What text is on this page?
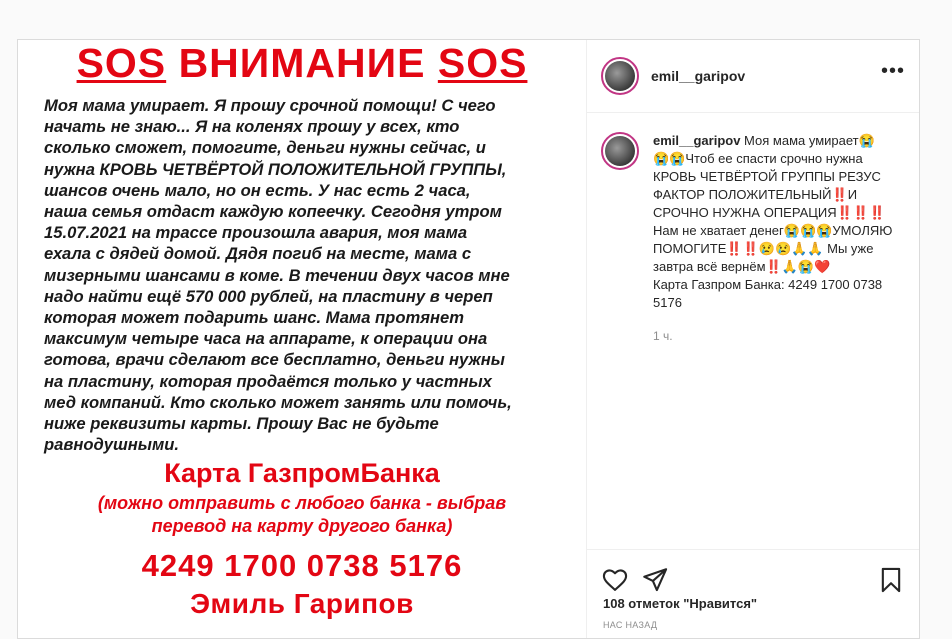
SOS ВНИМАНИЕ SOS
Моя мама умирает. Я прошу срочной помощи! С чего
начать не знаю... Я на коленях прошу у всех, кто
сколько сможет, помогите, деньги нужны сейчас, и
нужна КРОВЬ ЧЕТВЁРТОЙ ПОЛОЖИТЕЛЬНОЙ ГРУППЫ,
шансов очень мало, но он есть. У нас есть 2 часа,
наша семья отдаст каждую копеечку. Сегодня утром
15.07.2021 на трассе произошла авария, моя мама
ехала с дядей домой. Дядя погиб на месте, мама с
мизерными шансами в коме. В течении двух часов мне
надо найти ещё 570 000 рублей, на пластину в череп
которая может подарить шанс. Мама протянет
максимум четыре часа на аппарате, к операции она
готова, врачи сделают все бесплатно, деньги нужны
на пластину, которая продаётся только у частных
мед компаний. Кто сколько может занять или помочь,
ниже реквизиты карты. Прошу Вас не будьте
равнодушными.
Карта ГазпромБанка
(можно отправить с любого банка - выбрав
перевод на карту другого банка)
4249 1700 0738 5176
Эмиль Гарипов
emil__garipov	•••
emil__garipov Моя мама умирает😭
😭😭Чтоб ее спасти срочно нужна КРОВЬ ЧЕТВЁРТОЙ ГРУППЫ РЕЗУС ФАКТОР ПОЛОЖИТЕЛЬНЫЙ‼️И СРОЧНО НУЖНА ОПЕРАЦИЯ‼️‼️‼️Нам не хватает денег😭😭😭УМОЛЯЮ ПОМОГИТЕ‼️‼️😢😢🙏🙏 Мы уже завтра всё вернём‼️🙏😭❤️
Карта Газпром Банка: 4249 1700 0738 5176
1 ч.
108 отметок "Нравится"
НАС НАЗАД
